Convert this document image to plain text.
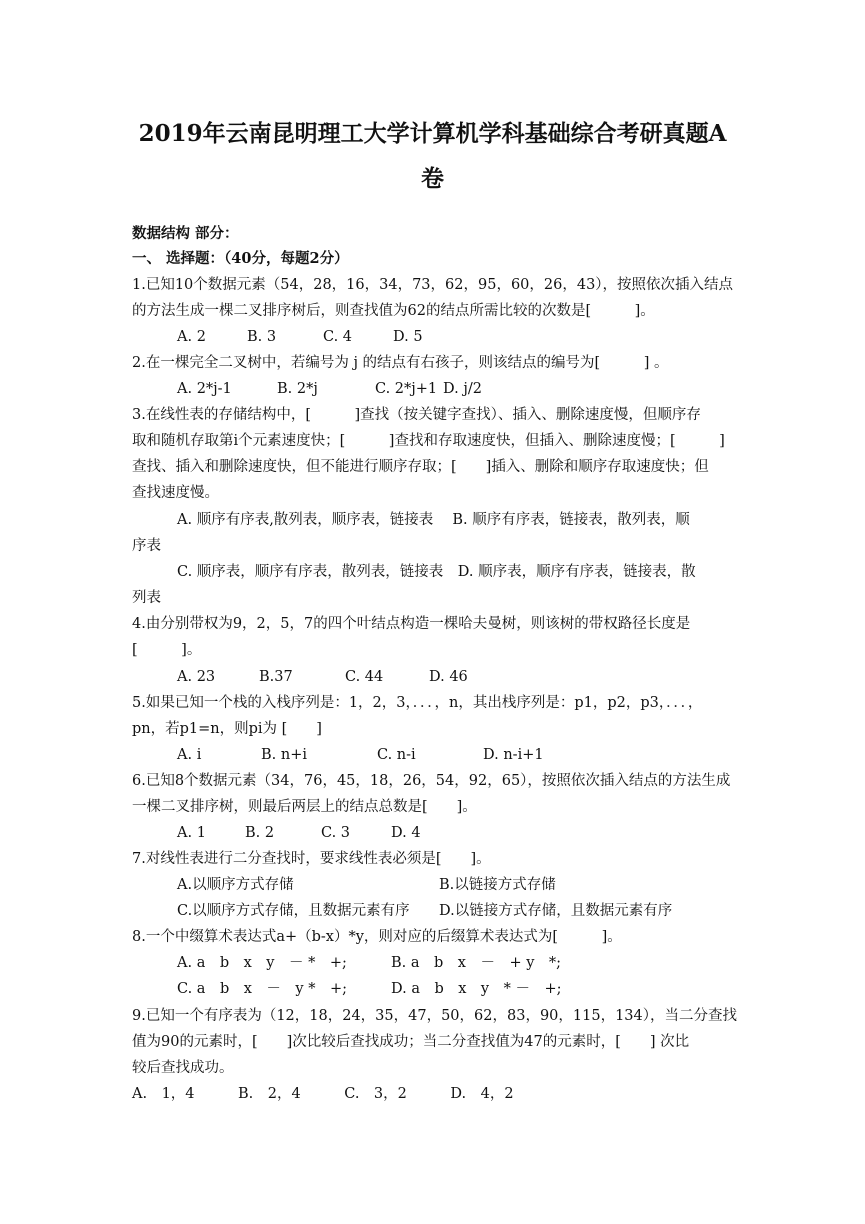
2019年云南昆明理工大学计算机学科基础综合考研真题A
卷
数据结构 部分：
一、 选择题：（40分，每题2分）
1.已知10个数据元素（54，28，16，34，73，62，95，60，26，43），按照依次插入结点
的方法生成一棵二叉排序树后，则查找值为62的结点所需比较的次数是[　　　]。
A. 2	B. 3	C. 4	D. 5
2.在一棵完全二叉树中，若编号为 j 的结点有右孩子，则该结点的编号为[　　　] 。
A. 2*j-1	B. 2*j	C. 2*j+1 D. j/2
3.在线性表的存储结构中，[　　　]查找（按关键字查找）、插入、删除速度慢，但顺序存
取和随机存取第i个元素速度快；[　　　]查找和存取速度快，但插入、删除速度慢；[　　　]
查找、插入和删除速度快，但不能进行顺序存取；[　　]插入、删除和顺序存取速度快；但
查找速度慢。
A. 顺序有序表,散列表，顺序表，链接表　 B. 顺序有序表，链接表，散列表，顺
序表
C. 顺序表，顺序有序表，散列表，链接表　D. 顺序表，顺序有序表，链接表，散
列表
4.由分别带权为9，2，5，7的四个叶结点构造一棵哈夫曼树，则该树的带权路径长度是
[　　　]。
A. 23	B.37	C. 44	D. 46
5.如果已知一个栈的入栈序列是：1，2，3，．．．，n，其出栈序列是：p1，p2，p3，．．．，
pn，若p1=n，则pi为 [　　]
A. i	B. n+i	C. n-i	D. n-i+1
6.已知8个数据元素（34，76，45，18，26，54，92，65），按照依次插入结点的方法生成
一棵二叉排序树，则最后两层上的结点总数是[　　]。
A. 1	B. 2	C. 3	D. 4
7.对线性表进行二分查找时，要求线性表必须是[　　]。
A.以顺序方式存储	B.以链接方式存储
C.以顺序方式存储，且数据元素有序 D.以链接方式存储，且数据元素有序
8.一个中缀算术表达式a+（b-x）*y，则对应的后缀算术表达式为[　　　]。
A. a　b　x　y　－ *　+;	B. a　b　x　－　+ y　*;
C. a　b　x　－　y *　+;	D. a　b　x　y　* －　+;
9.已知一个有序表为（12，18，24，35，47，50，62，83，90，115，134），当二分查找
值为90的元素时，[　　]次比较后查找成功；当二分查找值为47的元素时，[　　] 次比
较后查找成功。
A.　1，4　　　B.　2，4　　　C.　3，2　　　D.　4，2
